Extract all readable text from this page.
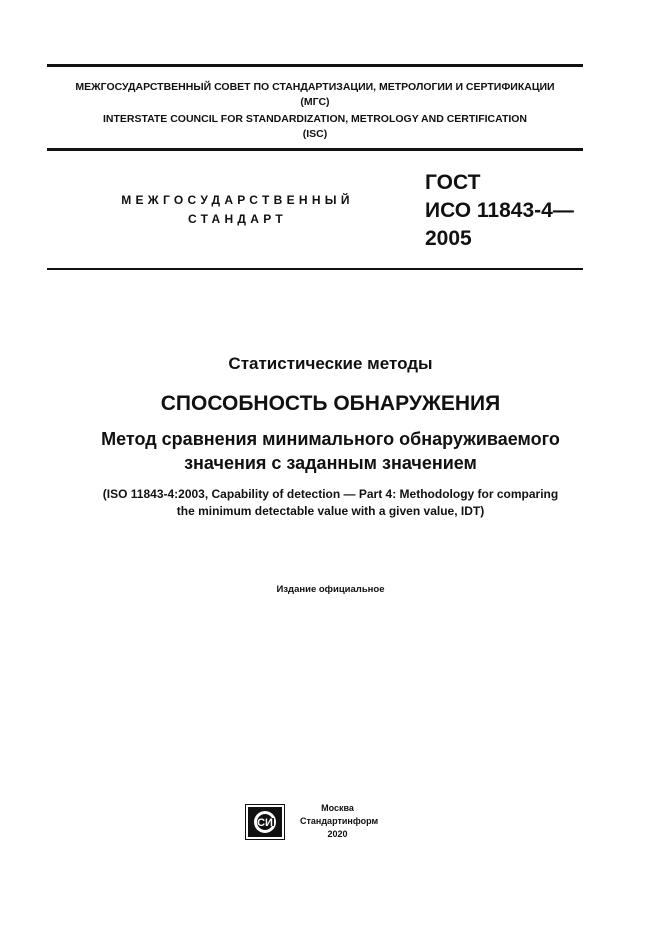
МЕЖГОСУДАРСТВЕННЫЙ СОВЕТ ПО СТАНДАРТИЗАЦИИ, МЕТРОЛОГИИ И СЕРТИФИКАЦИИ
(МГС)
INTERSTATE COUNCIL FOR STANDARDIZATION, METROLOGY AND CERTIFICATION
(ISC)
МЕЖГОСУДАРСТВЕННЫЙ
СТАНДАРТ
ГОСТ
ИСО 11843-4—
2005
Статистические методы
СПОСОБНОСТЬ ОБНАРУЖЕНИЯ
Метод сравнения минимального обнаруживаемого
значения с заданным значением
(ISO 11843-4:2003, Capability of detection — Part 4: Methodology for comparing
the minimum detectable value with a given value, IDT)
Издание официальное
СИ
Москва
Стандартинформ
2020
